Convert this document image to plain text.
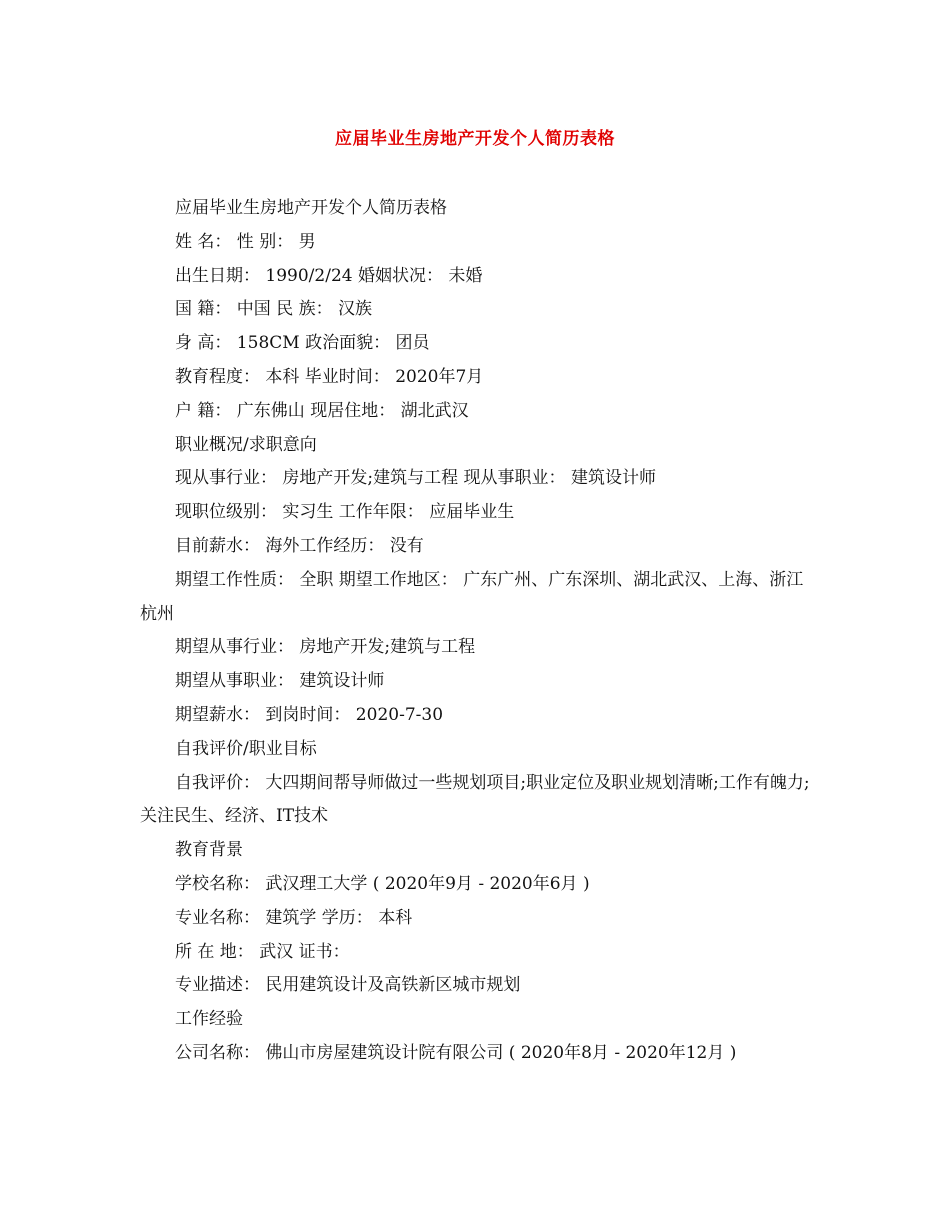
应届毕业生房地产开发个人简历表格

应届毕业生房地产开发个人简历表格

姓 名： 性 别： 男

出生日期： 1990/2/24 婚姻状况： 未婚

国 籍： 中国 民 族： 汉族

身 高： 158CM 政治面貌： 团员

教育程度： 本科 毕业时间： 2020年7月

户 籍： 广东佛山 现居住地： 湖北武汉

职业概况/求职意向

现从事行业： 房地产开发;建筑与工程 现从事职业： 建筑设计师

现职位级别： 实习生 工作年限： 应届毕业生

目前薪水： 海外工作经历： 没有

期望工作性质： 全职 期望工作地区： 广东广州、广东深圳、湖北武汉、上海、浙江杭州

期望从事行业： 房地产开发;建筑与工程

期望从事职业： 建筑设计师

期望薪水： 到岗时间： 2020-7-30

自我评价/职业目标

自我评价： 大四期间帮导师做过一些规划项目;职业定位及职业规划清晰;工作有魄力;关注民生、经济、IT技术

教育背景

学校名称： 武汉理工大学 ( 2020年9月 - 2020年6月 )

专业名称： 建筑学 学历： 本科

所 在 地： 武汉 证书：

专业描述： 民用建筑设计及高铁新区城市规划

工作经验

公司名称： 佛山市房屋建筑设计院有限公司 ( 2020年8月 - 2020年12月 )
